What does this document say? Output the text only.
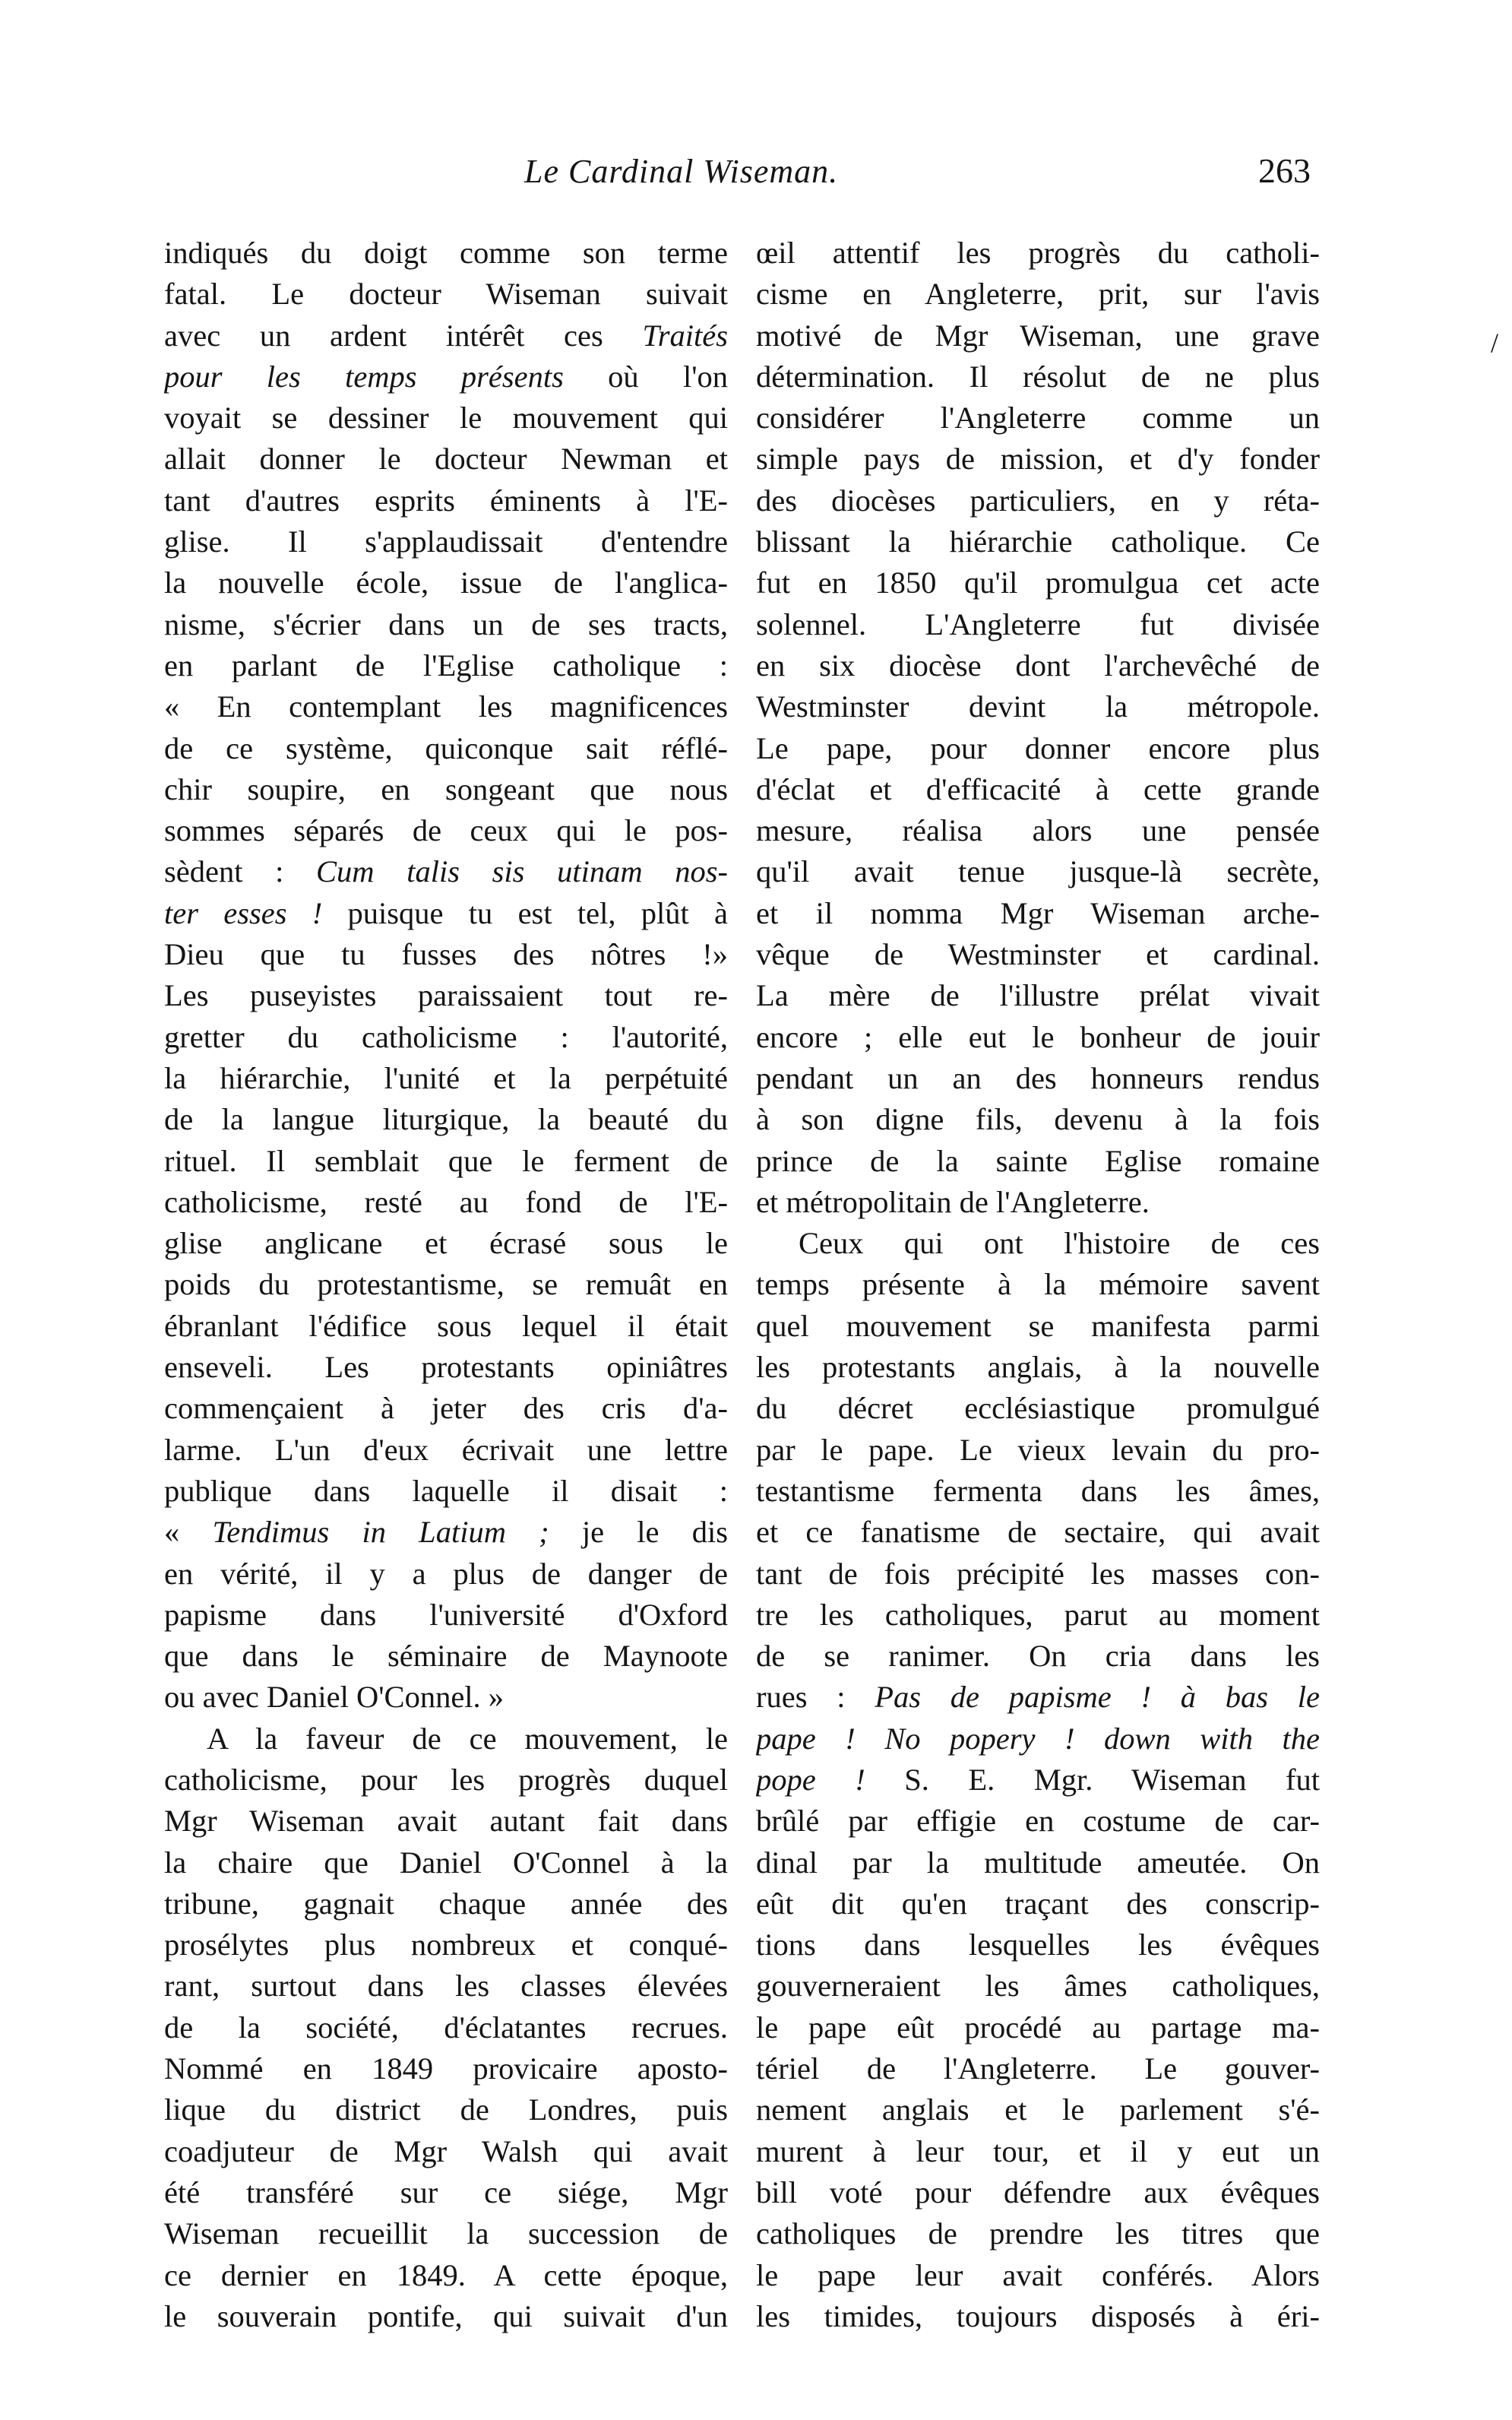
Le Cardinal Wiseman.	263
/
indiqués du doigt comme son terme
fatal. Le docteur Wiseman suivait
avec un ardent intérêt ces Traités
pour les temps présents où l'on
voyait se dessiner le mouvement qui
allait donner le docteur Newman et
tant d'autres esprits éminents à l'E-
glise. Il s'applaudissait d'entendre
la nouvelle école, issue de l'anglica-
nisme, s'écrier dans un de ses tracts,
en parlant de l'Eglise catholique :
« En contemplant les magnificences
de ce système, quiconque sait réflé-
chir soupire, en songeant que nous
sommes séparés de ceux qui le pos-
sèdent : Cum talis sis utinam nos-
ter esses ! puisque tu est tel, plût à
Dieu que tu fusses des nôtres !»
Les puseyistes paraissaient tout re-
gretter du catholicisme : l'autorité,
la hiérarchie, l'unité et la perpétuité
de la langue liturgique, la beauté du
rituel. Il semblait que le ferment de
catholicisme, resté au fond de l'E-
glise anglicane et écrasé sous le
poids du protestantisme, se remuât en
ébranlant l'édifice sous lequel il était
enseveli. Les protestants opiniâtres
commençaient à jeter des cris d'a-
larme. L'un d'eux écrivait une lettre
publique dans laquelle il disait :
« Tendimus in Latium ; je le dis
en vérité, il y a plus de danger de
papisme dans l'université d'Oxford
que dans le séminaire de Maynoote
ou avec Daniel O'Connel. »
A la faveur de ce mouvement, le
catholicisme, pour les progrès duquel
Mgr Wiseman avait autant fait dans
la chaire que Daniel O'Connel à la
tribune, gagnait chaque année des
prosélytes plus nombreux et conqué-
rant, surtout dans les classes élevées
de la société, d'éclatantes recrues.
Nommé en 1849 provicaire aposto-
lique du district de Londres, puis
coadjuteur de Mgr Walsh qui avait
été transféré sur ce siége, Mgr
Wiseman recueillit la succession de
ce dernier en 1849. A cette époque,
le souverain pontife, qui suivait d'un
œil attentif les progrès du catholi-
cisme en Angleterre, prit, sur l'avis
motivé de Mgr Wiseman, une grave
détermination. Il résolut de ne plus
considérer l'Angleterre comme un
simple pays de mission, et d'y fonder
des diocèses particuliers, en y réta-
blissant la hiérarchie catholique. Ce
fut en 1850 qu'il promulgua cet acte
solennel. L'Angleterre fut divisée
en six diocèse dont l'archevêché de
Westminster devint la métropole.
Le pape, pour donner encore plus
d'éclat et d'efficacité à cette grande
mesure, réalisa alors une pensée
qu'il avait tenue jusque-là secrète,
et il nomma Mgr Wiseman arche-
vêque de Westminster et cardinal.
La mère de l'illustre prélat vivait
encore ; elle eut le bonheur de jouir
pendant un an des honneurs rendus
à son digne fils, devenu à la fois
prince de la sainte Eglise romaine
et métropolitain de l'Angleterre.
Ceux qui ont l'histoire de ces
temps présente à la mémoire savent
quel mouvement se manifesta parmi
les protestants anglais, à la nouvelle
du décret ecclésiastique promulgué
par le pape. Le vieux levain du pro-
testantisme fermenta dans les âmes,
et ce fanatisme de sectaire, qui avait
tant de fois précipité les masses con-
tre les catholiques, parut au moment
de se ranimer. On cria dans les
rues : Pas de papisme ! à bas le
pape ! No popery ! down with the
pope ! S. E. Mgr. Wiseman fut
brûlé par effigie en costume de car-
dinal par la multitude ameutée. On
eût dit qu'en traçant des conscrip-
tions dans lesquelles les évêques
gouverneraient les âmes catholiques,
le pape eût procédé au partage ma-
tériel de l'Angleterre. Le gouver-
nement anglais et le parlement s'é-
murent à leur tour, et il y eut un
bill voté pour défendre aux évêques
catholiques de prendre les titres que
le pape leur avait conférés. Alors
les timides, toujours disposés à éri-
